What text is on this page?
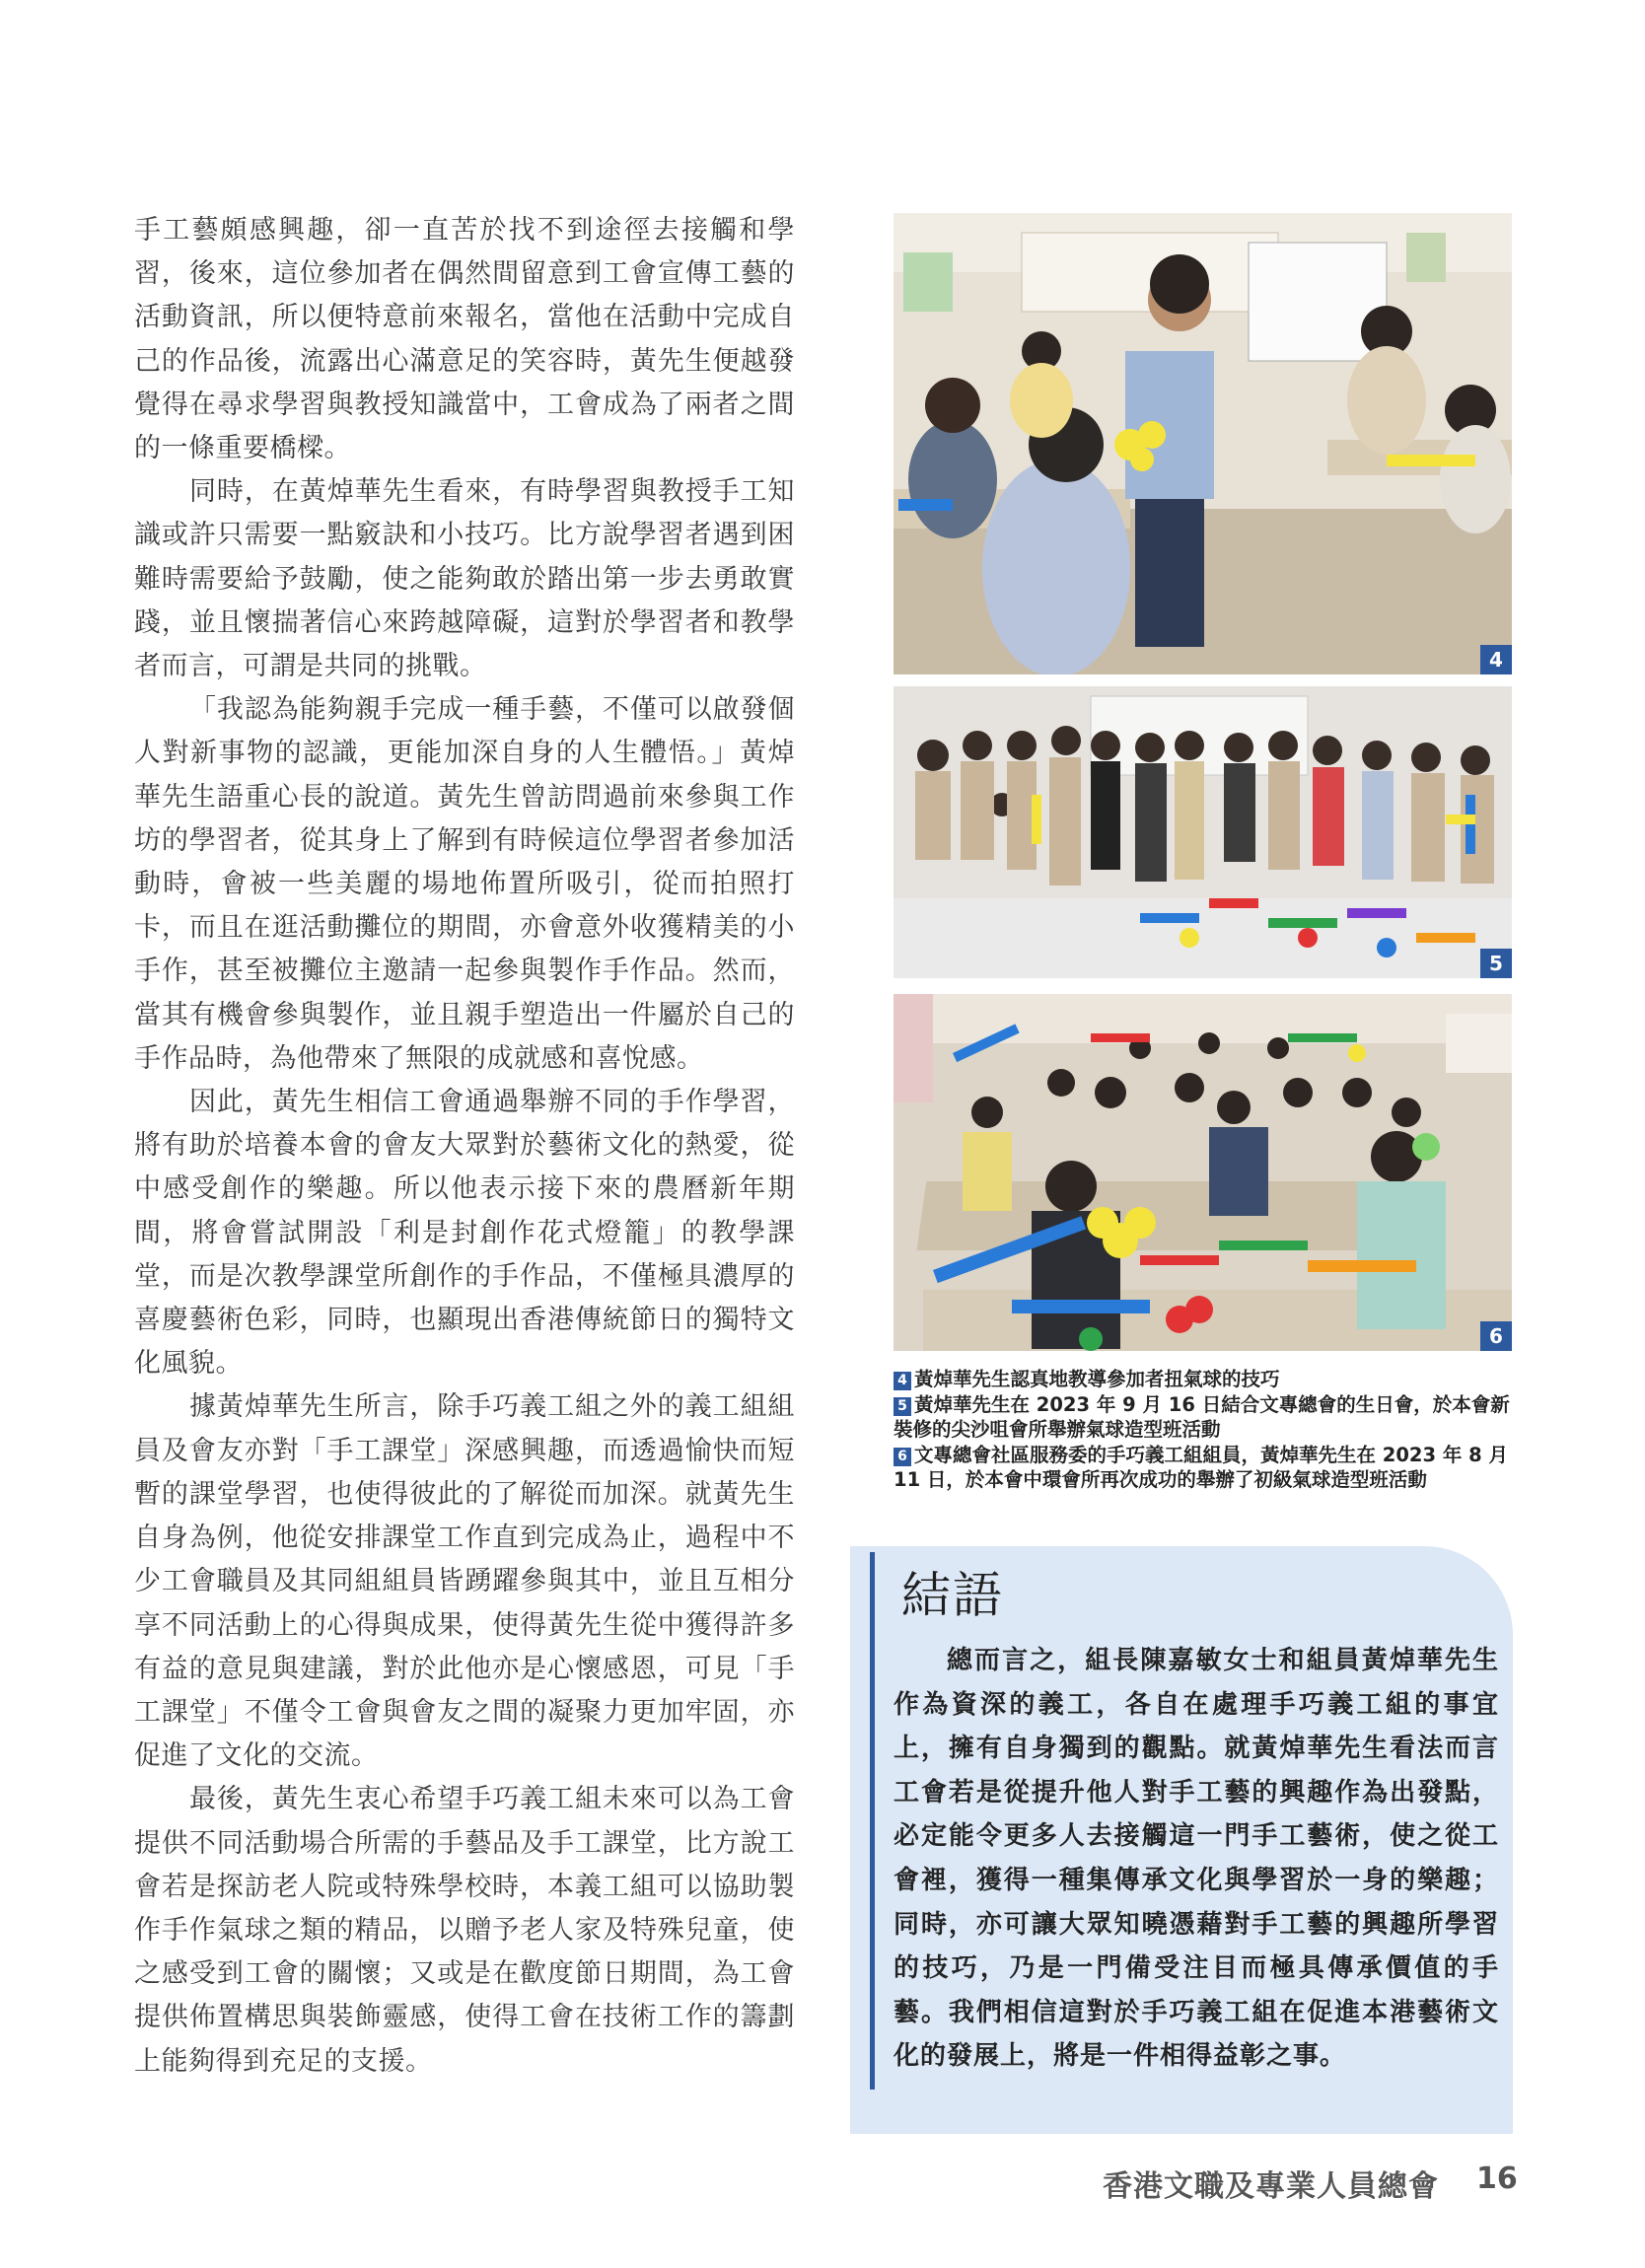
手工藝頗感興趣，卻一直苦於找不到途徑去接觸和學習，後來，這位參加者在偶然間留意到工會宣傳工藝的活動資訊，所以便特意前來報名，當他在活動中完成自己的作品後，流露出心滿意足的笑容時，黃先生便越發覺得在尋求學習與教授知識當中，工會成為了兩者之間的一條重要橋樑。

同時，在黃焯華先生看來，有時學習與教授手工知識或許只需要一點竅訣和小技巧。比方說學習者遇到困難時需要給予鼓勵，使之能夠敢於踏出第一步去勇敢實踐，並且懷揣著信心來跨越障礙，這對於學習者和教學者而言，可謂是共同的挑戰。

「我認為能夠親手完成一種手藝，不僅可以啟發個人對新事物的認識，更能加深自身的人生體悟。」黃焯華先生語重心長的說道。黃先生曾訪問過前來參與工作坊的學習者，從其身上了解到有時候這位學習者參加活動時，會被一些美麗的場地佈置所吸引，從而拍照打卡，而且在逛活動攤位的期間，亦會意外收獲精美的小手作，甚至被攤位主邀請一起參與製作手作品。然而，當其有機會參與製作，並且親手塑造出一件屬於自己的手作品時，為他帶來了無限的成就感和喜悅感。

因此，黃先生相信工會通過舉辦不同的手作學習，將有助於培養本會的會友大眾對於藝術文化的熱愛，從中感受創作的樂趣。所以他表示接下來的農曆新年期間，將會嘗試開設「利是封創作花式燈籠」的教學課堂，而是次教學課堂所創作的手作品，不僅極具濃厚的喜慶藝術色彩，同時，也顯現出香港傳統節日的獨特文化風貌。

據黃焯華先生所言，除手巧義工組之外的義工組組員及會友亦對「手工課堂」深感興趣，而透過愉快而短暫的課堂學習，也使得彼此的了解從而加深。就黃先生自身為例，他從安排課堂工作直到完成為止，過程中不少工會職員及其同組組員皆踴躍參與其中，並且互相分享不同活動上的心得與成果，使得黃先生從中獲得許多有益的意見與建議，對於此他亦是心懷感恩，可見「手工課堂」不僅令工會與會友之間的凝聚力更加牢固，亦促進了文化的交流。

最後，黃先生衷心希望手巧義工組未來可以為工會提供不同活動場合所需的手藝品及手工課堂，比方說工會若是探訪老人院或特殊學校時，本義工組可以協助製作手作氣球之類的精品，以贈予老人家及特殊兒童，使之感受到工會的關懷；又或是在歡度節日期間，為工會提供佈置構思與裝飾靈感，使得工會在技術工作的籌劃上能夠得到充足的支援。

4
5
6
4 黃焯華先生認真地教導參加者扭氣球的技巧
5 黃焯華先生在 2023 年 9 月 16 日結合文專總會的生日會，於本會新裝修的尖沙咀會所舉辦氣球造型班活動
6 文專總會社區服務委的手巧義工組組員，黃焯華先生在 2023 年 8 月 11 日，於本會中環會所再次成功的舉辦了初級氣球造型班活動
結語
總而言之，組長陳嘉敏女士和組員黃焯華先生作為資深的義工，各自在處理手巧義工組的事宜上，擁有自身獨到的觀點。就黃焯華先生看法而言工會若是從提升他人對手工藝的興趣作為出發點，必定能令更多人去接觸這一門手工藝術，使之從工會裡，獲得一種集傳承文化與學習於一身的樂趣；同時，亦可讓大眾知曉憑藉對手工藝的興趣所學習的技巧，乃是一門備受注目而極具傳承價值的手藝。我們相信這對於手巧義工組在促進本港藝術文化的發展上，將是一件相得益彰之事。
香港文職及專業人員總會 16
